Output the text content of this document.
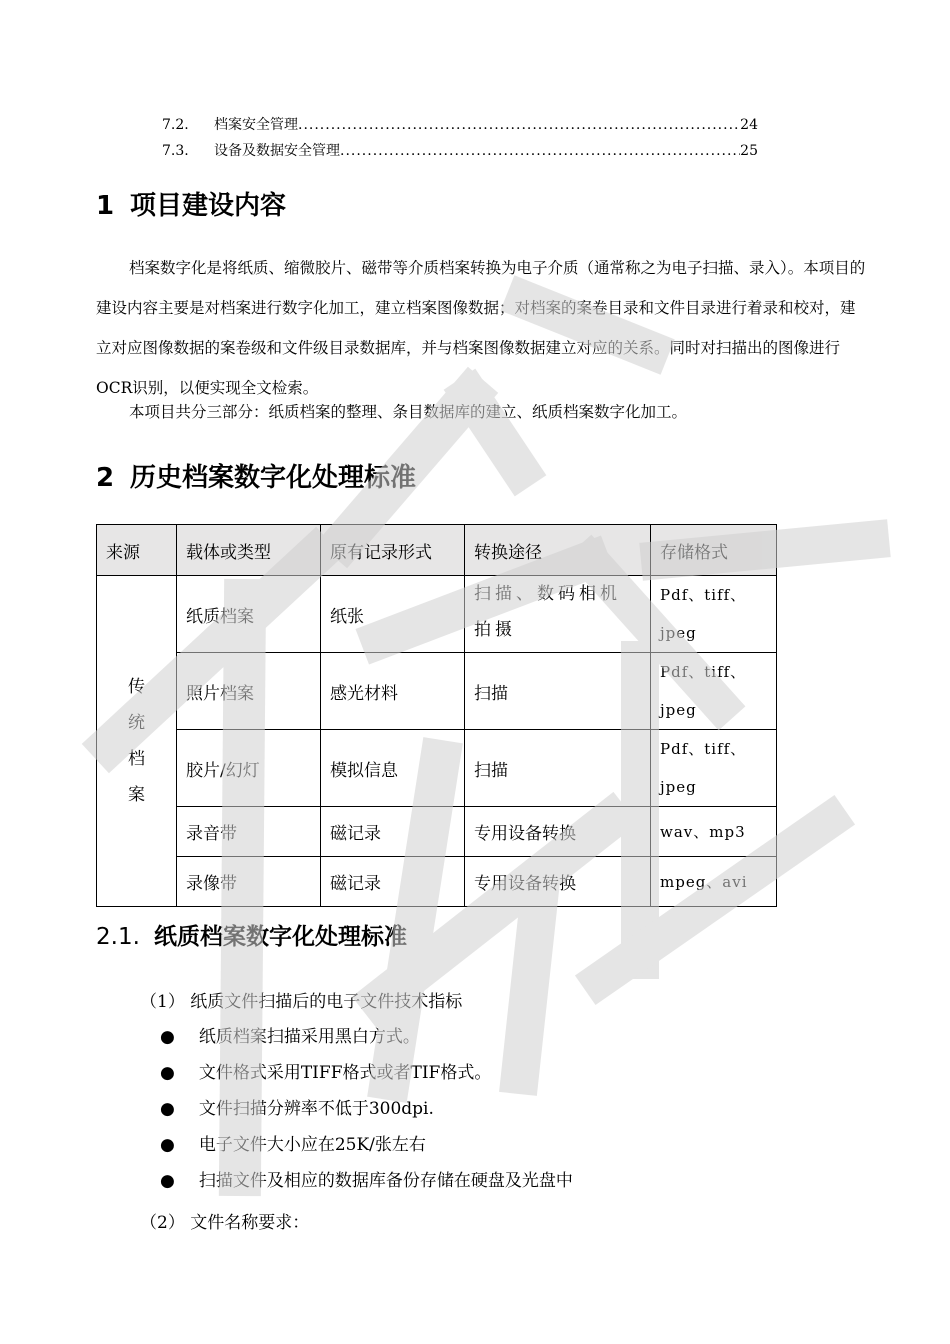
7.2.	档案安全管理 .....	24
7.3.	设备及数据安全管理 .....	25
1 项目建设内容

档案数字化是将纸质、缩微胶片、磁带等介质档案转换为电子介质（通常称之为电子扫描、录入）。本项目的建设内容主要是对档案进行数字化加工，建立档案图像数据；对档案的案卷目录和文件目录进行着录和校对，建立对应图像数据的案卷级和文件级目录数据库，并与档案图像数据建立对应的关系。同时对扫描出的图像进行OCR识别，以便实现全文检索。

本项目共分三部分：纸质档案的整理、条目数据库的建立、纸质档案数字化加工。

2 历史档案数字化处理标准
来源	载体或类型	原有记录形式	转换途径	存储格式

传
统
档
案	纸质档案	纸张	扫描、数码相机拍摄	Pdf、tiff、jpeg
	照片档案	感光材料	扫描	Pdf、tiff、jpeg
	胶片/幻灯	模拟信息	扫描	Pdf、tiff、jpeg
	录音带	磁记录	专用设备转换	wav、mp3
	录像带	磁记录	专用设备转换	mpeg、avi
2.1. 纸质档案数字化处理标准
（1） 纸质文件扫描后的电子文件技术指标
● 纸质档案扫描采用黑白方式。
● 文件格式采用TIFF格式或者TIF格式。
● 文件扫描分辨率不低于300dpi.
● 电子文件大小应在25K/张左右
● 扫描文件及相应的数据库备份存储在硬盘及光盘中
（2） 文件名称要求：
